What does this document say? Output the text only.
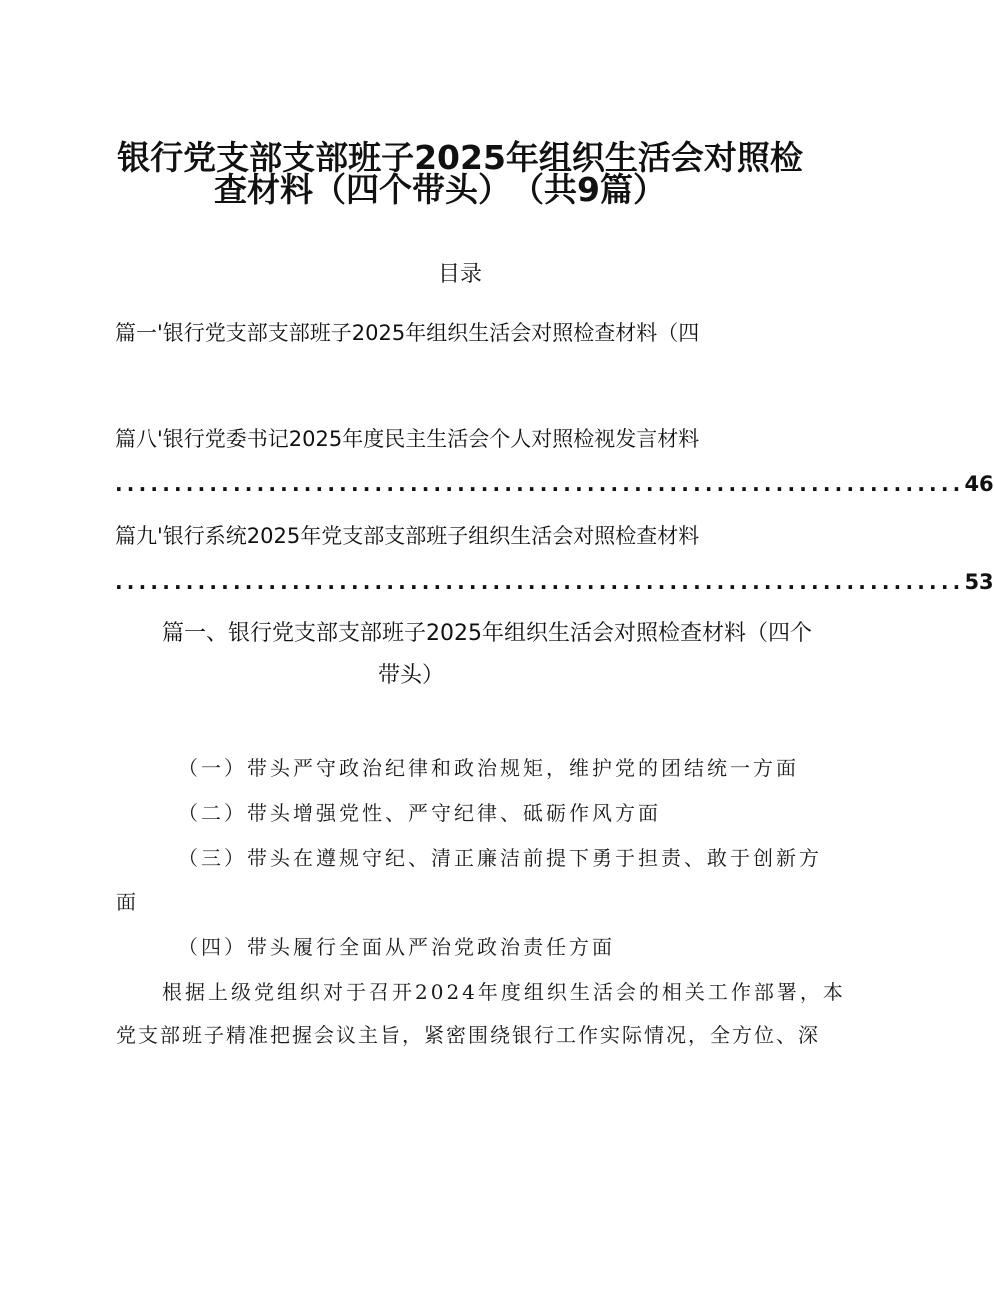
银行党支部支部班子2025年组织生活会对照检
查材料（四个带头）　（共9篇）
目录
篇一'银行党支部支部班子2025年组织生活会对照检查材料（四
篇八'银行党委书记2025年度民主生活会个人对照检视发言材料
........................................................................ 46
篇九'银行系统2025年党支部支部班子组织生活会对照检查材料
........................................................................ 53
篇一、银行党支部支部班子2025年组织生活会对照检查材料（四个
带头）
（一）带头严守政治纪律和政治规矩，维护党的团结统一方面
（二）带头增强党性、严守纪律、砥砺作风方面
（三）带头在遵规守纪、清正廉洁前提下勇于担责、敢于创新方
面
（四）带头履行全面从严治党政治责任方面
根据上级党组织对于召开2024年度组织生活会的相关工作部署，本
党支部班子精准把握会议主旨，紧密围绕银行工作实际情况，全方位、深
